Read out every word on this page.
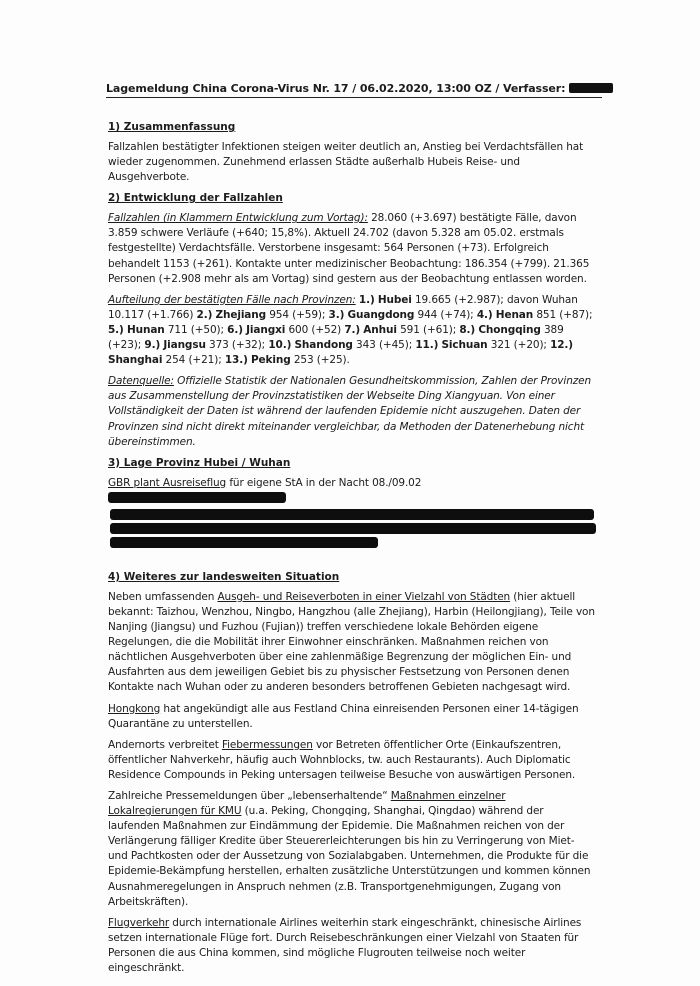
Lagemeldung China Corona-Virus Nr. 17 / 06.02.2020, 13:00 OZ / Verfasser:
1) Zusammenfassung
Fallzahlen bestätigter Infektionen steigen weiter deutlich an, Anstieg bei Verdachtsfällen hat wieder zugenommen. Zunehmend erlassen Städte außerhalb Hubeis Reise- und Ausgehverbote.
2) Entwicklung der Fallzahlen
Fallzahlen (in Klammern Entwicklung zum Vortag): 28.060 (+3.697) bestätigte Fälle, davon 3.859 schwere Verläufe (+640; 15,8%). Aktuell 24.702 (davon 5.328 am 05.02. erstmals festgestellte) Verdachtsfälle. Verstorbene insgesamt: 564 Personen (+73). Erfolgreich behandelt 1153 (+261). Kontakte unter medizinischer Beobachtung: 186.354 (+799). 21.365 Personen (+2.908 mehr als am Vortag) sind gestern aus der Beobachtung entlassen worden.
Aufteilung der bestätigten Fälle nach Provinzen: 1.) Hubei 19.665 (+2.987); davon Wuhan 10.117 (+1.766) 2.) Zhejiang 954 (+59); 3.) Guangdong 944 (+74); 4.) Henan 851 (+87); 5.) Hunan 711 (+50); 6.) Jiangxi 600 (+52) 7.) Anhui 591 (+61); 8.) Chongqing 389 (+23); 9.) Jiangsu 373 (+32); 10.) Shandong 343 (+45); 11.) Sichuan 321 (+20); 12.) Shanghai 254 (+21); 13.) Peking 253 (+25).
Datenquelle: Offizielle Statistik der Nationalen Gesundheitskommission, Zahlen der Provinzen aus Zusammenstellung der Provinzstatistiken der Webseite Ding Xiangyuan. Von einer Vollständigkeit der Daten ist während der laufenden Epidemie nicht auszugehen. Daten der Provinzen sind nicht direkt miteinander vergleichbar, da Methoden der Datenerhebung nicht übereinstimmen.
3) Lage Provinz Hubei / Wuhan
GBR plant Ausreiseflug für eigene StA in der Nacht 08./09.02
4) Weiteres zur landesweiten Situation
Neben umfassenden Ausgeh- und Reiseverboten in einer Vielzahl von Städten (hier aktuell bekannt: Taizhou, Wenzhou, Ningbo, Hangzhou (alle Zhejiang), Harbin (Heilongjiang), Teile von Nanjing (Jiangsu) und Fuzhou (Fujian)) treffen verschiedene lokale Behörden eigene Regelungen, die die Mobilität ihrer Einwohner einschränken. Maßnahmen reichen von nächtlichen Ausgehverboten über eine zahlenmäßige Begrenzung der möglichen Ein- und Ausfahrten aus dem jeweiligen Gebiet bis zu physischer Festsetzung von Personen denen Kontakte nach Wuhan oder zu anderen besonders betroffenen Gebieten nachgesagt wird.
Hongkong hat angekündigt alle aus Festland China einreisenden Personen einer 14-tägigen Quarantäne zu unterstellen.
Andernorts verbreitet Fiebermessungen vor Betreten öffentlicher Orte (Einkaufszentren, öffentlicher Nahverkehr, häufig auch Wohnblocks, tw. auch Restaurants). Auch Diplomatic Residence Compounds in Peking untersagen teilweise Besuche von auswärtigen Personen.
Zahlreiche Pressemeldungen über „lebenserhaltende“ Maßnahmen einzelner Lokalregierungen für KMU (u.a. Peking, Chongqing, Shanghai, Qingdao) während der laufenden Maßnahmen zur Eindämmung der Epidemie. Die Maßnahmen reichen von der Verlängerung fälliger Kredite über Steuererleichterungen bis hin zu Verringerung von Miet- und Pachtkosten oder der Aussetzung von Sozialabgaben. Unternehmen, die Produkte für die Epidemie-Bekämpfung herstellen, erhalten zusätzliche Unterstützungen und kommen können Ausnahmeregelungen in Anspruch nehmen (z.B. Transportgenehmigungen, Zugang von Arbeitskräften).
Flugverkehr durch internationale Airlines weiterhin stark eingeschränkt, chinesische Airlines setzen internationale Flüge fort. Durch Reisebeschränkungen einer Vielzahl von Staaten für Personen die aus China kommen, sind mögliche Flugrouten teilweise noch weiter eingeschränkt.
